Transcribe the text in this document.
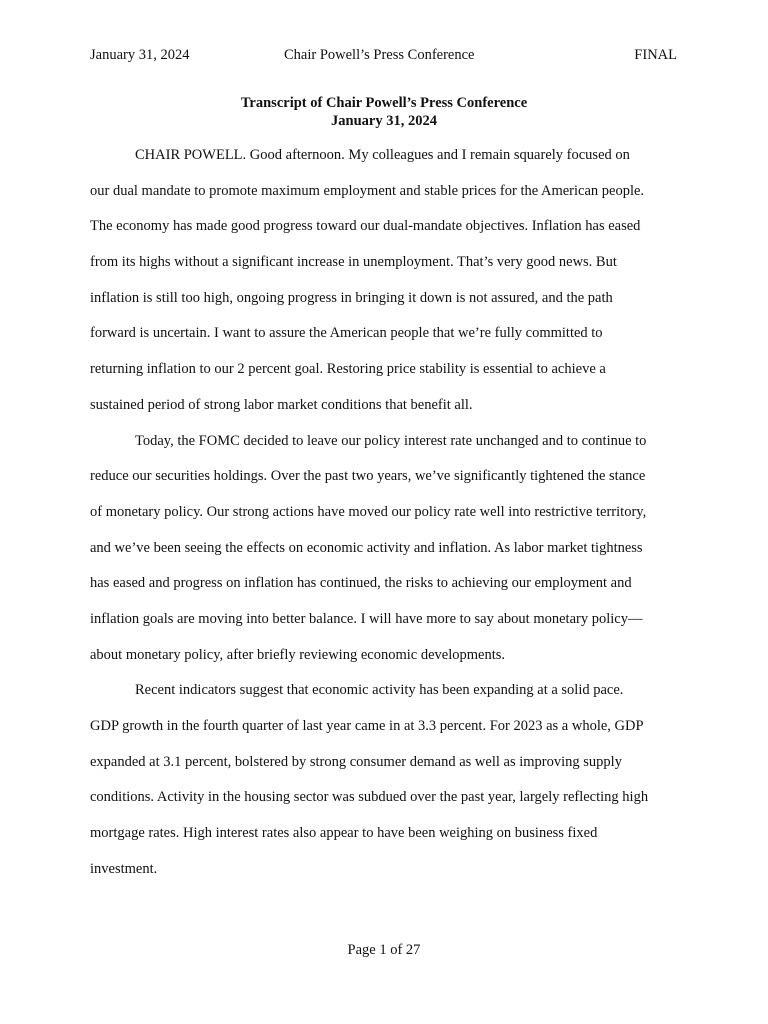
January 31, 2024	Chair Powell’s Press Conference	FINAL
Transcript of Chair Powell’s Press Conference
January 31, 2024
CHAIR POWELL. Good afternoon. My colleagues and I remain squarely focused on
our dual mandate to promote maximum employment and stable prices for the American people.
The economy has made good progress toward our dual-mandate objectives. Inflation has eased
from its highs without a significant increase in unemployment. That’s very good news. But
inflation is still too high, ongoing progress in bringing it down is not assured, and the path
forward is uncertain. I want to assure the American people that we’re fully committed to
returning inflation to our 2 percent goal. Restoring price stability is essential to achieve a
sustained period of strong labor market conditions that benefit all.
Today, the FOMC decided to leave our policy interest rate unchanged and to continue to
reduce our securities holdings. Over the past two years, we’ve significantly tightened the stance
of monetary policy. Our strong actions have moved our policy rate well into restrictive territory,
and we’ve been seeing the effects on economic activity and inflation. As labor market tightness
has eased and progress on inflation has continued, the risks to achieving our employment and
inflation goals are moving into better balance. I will have more to say about monetary policy—
about monetary policy, after briefly reviewing economic developments.
Recent indicators suggest that economic activity has been expanding at a solid pace.
GDP growth in the fourth quarter of last year came in at 3.3 percent. For 2023 as a whole, GDP
expanded at 3.1 percent, bolstered by strong consumer demand as well as improving supply
conditions. Activity in the housing sector was subdued over the past year, largely reflecting high
mortgage rates. High interest rates also appear to have been weighing on business fixed
investment.
Page 1 of 27
